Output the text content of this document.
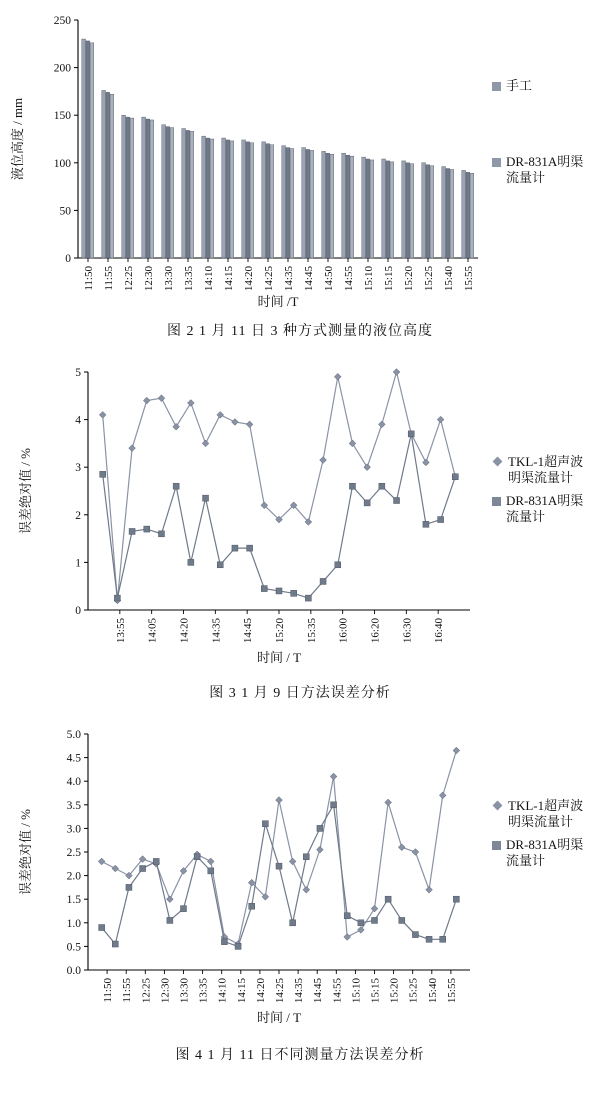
0
50
100
150
200
250
11:50 11:55 12:25 12:30 13:30 13:35 14:10 14:15 14:20 14:25 14:35 14:45 14:50 14:55 15:10 15:15 15:20 15:25 15:40 15:55
时间 /T
液位高度 / mm
手工
DR-831A明渠流量计
图 2 1 月 11 日 3 种方式测量的液位高度
0
1
2
3
4
5
13:55 14:05 14:20 14:35 14:45 15:20 15:35 16:00 16:20 16:30 16:40
时间 / T
误差绝对值 / %	TKL-1超声波明渠流量计
DR-831A明渠流量计
图 3 1 月 9 日方法误差分析
0.0
0.5
1.0
1.5
2.0
2.5
3.0
3.5
4.0
4.5
5.0
11:50 11:55 12:25 12:30 13:30 13:35 14:10 14:15 14:20 14:25 14:35 14:45 14:55 15:10 15:15 15:20 15:25 15:40 15:55
时间 / T
误差绝对值 / %
TKL-1超声波明渠流量计
DR-831A明渠流量计
图 4 1 月 11 日不同测量方法误差分析
